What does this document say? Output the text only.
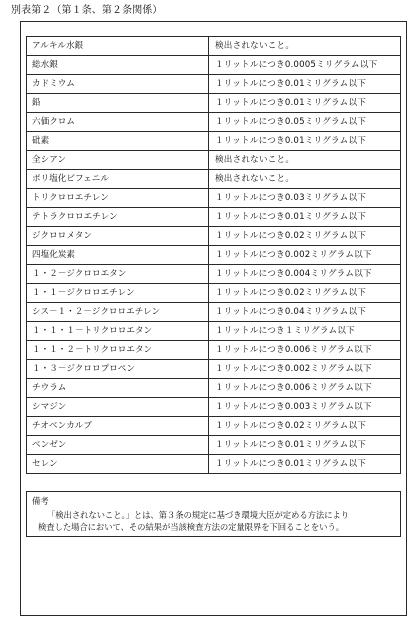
別表第２（第１条、第２条関係）
アルキル水銀	検出されないこと。
総水銀	１リットルにつき0.0005ミリグラム以下
カドミウム	１リットルにつき0.01ミリグラム以下
鉛	１リットルにつき0.01ミリグラム以下
六価クロム	１リットルにつき0.05ミリグラム以下
砒素	１リットルにつき0.01ミリグラム以下
全シアン	検出されないこと。
ポリ塩化ビフェニル	検出されないこと。
トリクロロエチレン	１リットルにつき0.03ミリグラム以下
テトラクロロエチレン	１リットルにつき0.01ミリグラム以下
ジクロロメタン	１リットルにつき0.02ミリグラム以下
四塩化炭素	１リットルにつき0.002ミリグラム以下
１・２－ジクロロエタン	１リットルにつき0.004ミリグラム以下
１・１－ジクロロエチレン	１リットルにつき0.02ミリグラム以下
シス－１・２－ジクロロエチレン	１リットルにつき0.04ミリグラム以下
１・１・１－トリクロロエタン	１リットルにつき１ミリグラム以下
１・１・２－トリクロロエタン	１リットルにつき0.006ミリグラム以下
１・３－ジクロロプロペン	１リットルにつき0.002ミリグラム以下
チウラム	１リットルにつき0.006ミリグラム以下
シマジン	１リットルにつき0.003ミリグラム以下
チオベンカルブ	１リットルにつき0.02ミリグラム以下
ベンゼン	１リットルにつき0.01ミリグラム以下
セレン	１リットルにつき0.01ミリグラム以下
備考
「検出されないこと。」とは、第３条の規定に基づき環境大臣が定める方法により
検査した場合において、その結果が当該検査方法の定量限界を下回ることをいう。
